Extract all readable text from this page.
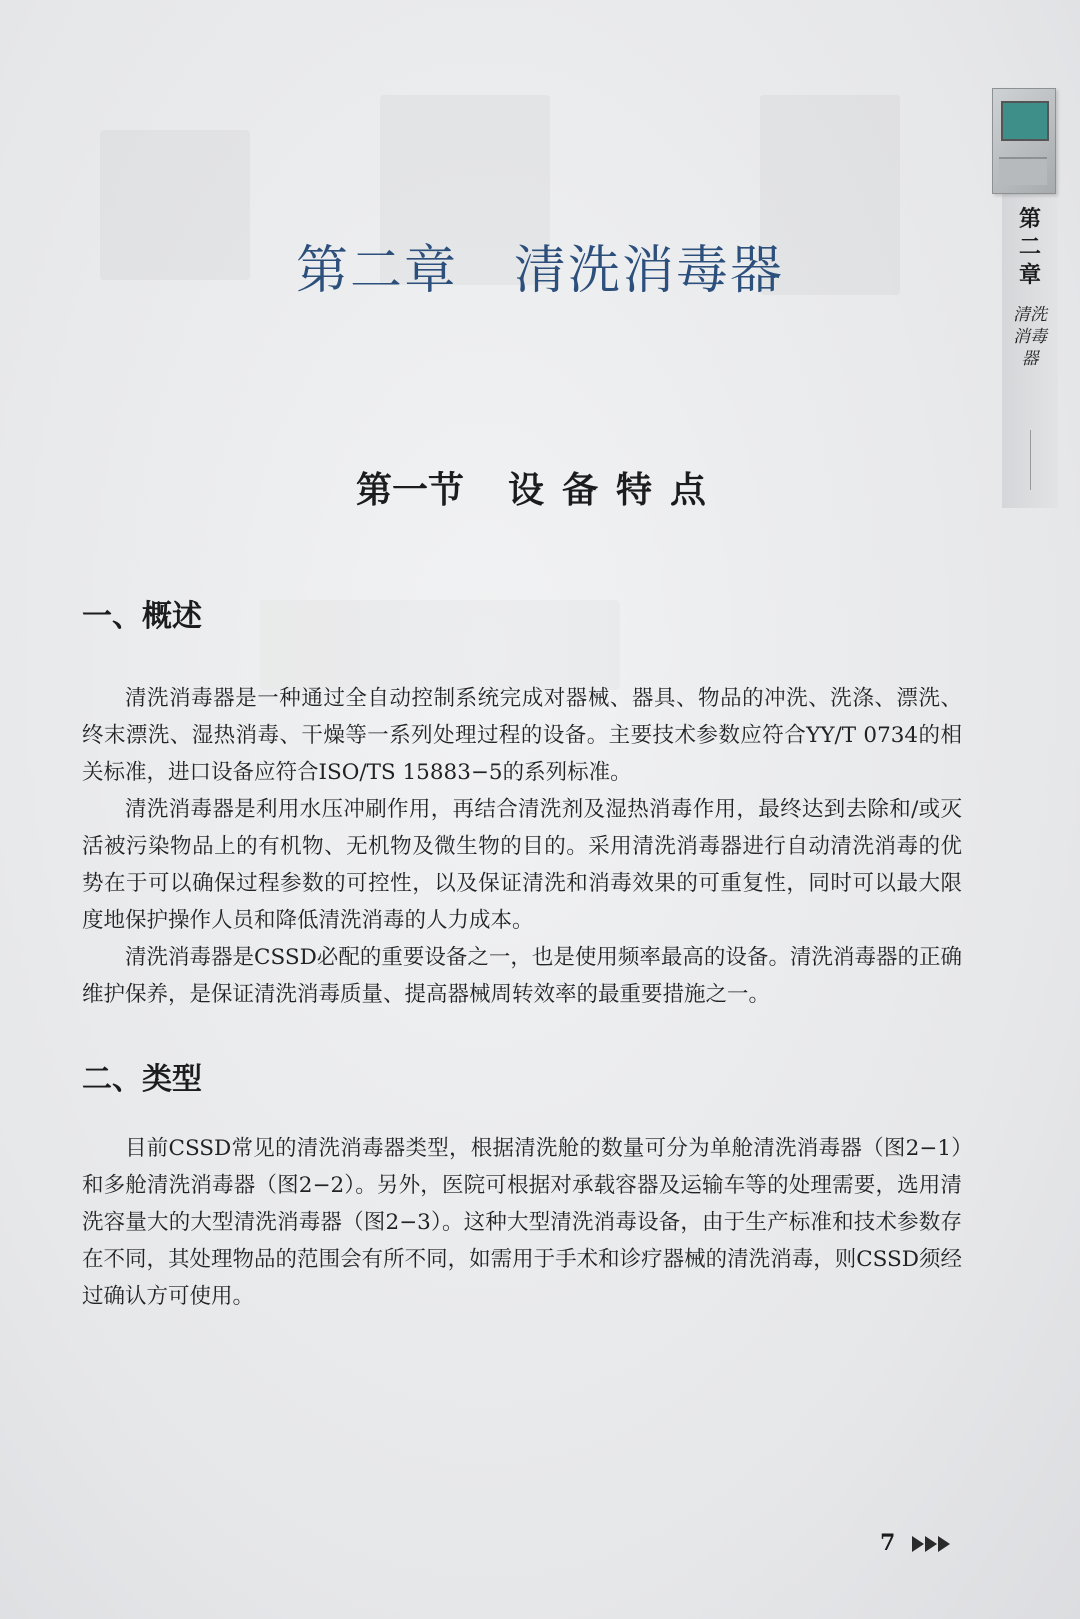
第二章
清洗消毒器
第二章 清洗消毒器
第一节 设备特点
一、概述
清洗消毒器是一种通过全自动控制系统完成对器械、器具、物品的冲洗、洗涤、漂洗、终末漂洗、湿热消毒、干燥等一系列处理过程的设备。主要技术参数应符合YY/T 0734的相关标准，进口设备应符合ISO/TS 15883−5的系列标准。
清洗消毒器是利用水压冲刷作用，再结合清洗剂及湿热消毒作用，最终达到去除和/或灭活被污染物品上的有机物、无机物及微生物的目的。采用清洗消毒器进行自动清洗消毒的优势在于可以确保过程参数的可控性，以及保证清洗和消毒效果的可重复性，同时可以最大限度地保护操作人员和降低清洗消毒的人力成本。
清洗消毒器是CSSD必配的重要设备之一，也是使用频率最高的设备。清洗消毒器的正确维护保养，是保证清洗消毒质量、提高器械周转效率的最重要措施之一。
二、类型
目前CSSD常见的清洗消毒器类型，根据清洗舱的数量可分为单舱清洗消毒器（图2−1）和多舱清洗消毒器（图2−2）。另外，医院可根据对承载容器及运输车等的处理需要，选用清洗容量大的大型清洗消毒器（图2−3）。这种大型清洗消毒设备，由于生产标准和技术参数存在不同，其处理物品的范围会有所不同，如需用于手术和诊疗器械的清洗消毒，则CSSD须经过确认方可使用。
7
